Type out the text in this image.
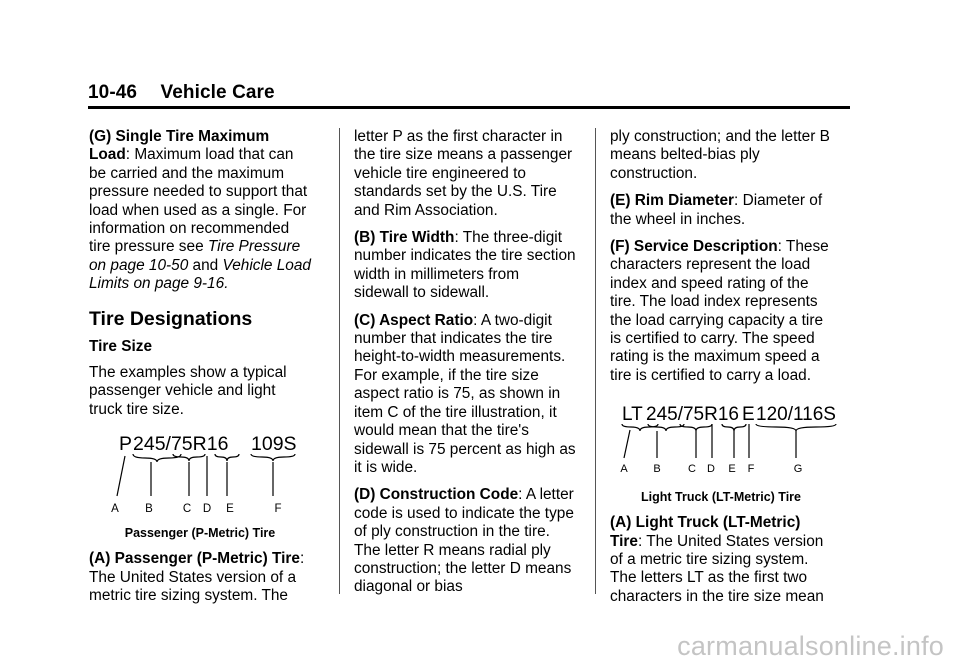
10-46 Vehicle Care

(G) Single Tire Maximum Load: Maximum load that can be carried and the maximum pressure needed to support that load when used as a single. For information on recommended tire pressure see Tire Pressure on page 10-50 and Vehicle Load Limits on page 9-16.

Tire Designations
Tire Size

The examples show a typical passenger vehicle and light truck tire size.

P 245/75R16 109S
A B	C D E	F
Passenger (P-Metric) Tire

(A) Passenger (P-Metric) Tire: The United States version of a metric tire sizing system. The

letter P as the first character in the tire size means a passenger vehicle tire engineered to standards set by the U.S. Tire and Rim Association.

(B) Tire Width: The three-digit number indicates the tire section width in millimeters from sidewall to sidewall.

(C) Aspect Ratio: A two-digit number that indicates the tire height-to-width measurements. For example, if the tire size aspect ratio is 75, as shown in item C of the tire illustration, it would mean that the tire's sidewall is 75 percent as high as it is wide.

(D) Construction Code: A letter code is used to indicate the type of ply construction in the tire. The letter R means radial ply construction; the letter D means diagonal or bias

ply construction; and the letter B means belted-bias ply construction.

(E) Rim Diameter: Diameter of the wheel in inches.

(F) Service Description: These characters represent the load index and speed rating of the tire. The load index represents the load carrying capacity a tire is certified to carry. The speed rating is the maximum speed a tire is certified to carry a load.

LT 245/75R16 E 120/116S
A B C D E F	G
Light Truck (LT-Metric) Tire

(A) Light Truck (LT-Metric) Tire: The United States version of a metric tire sizing system. The letters LT as the first two characters in the tire size mean

carmanualsonline.info
